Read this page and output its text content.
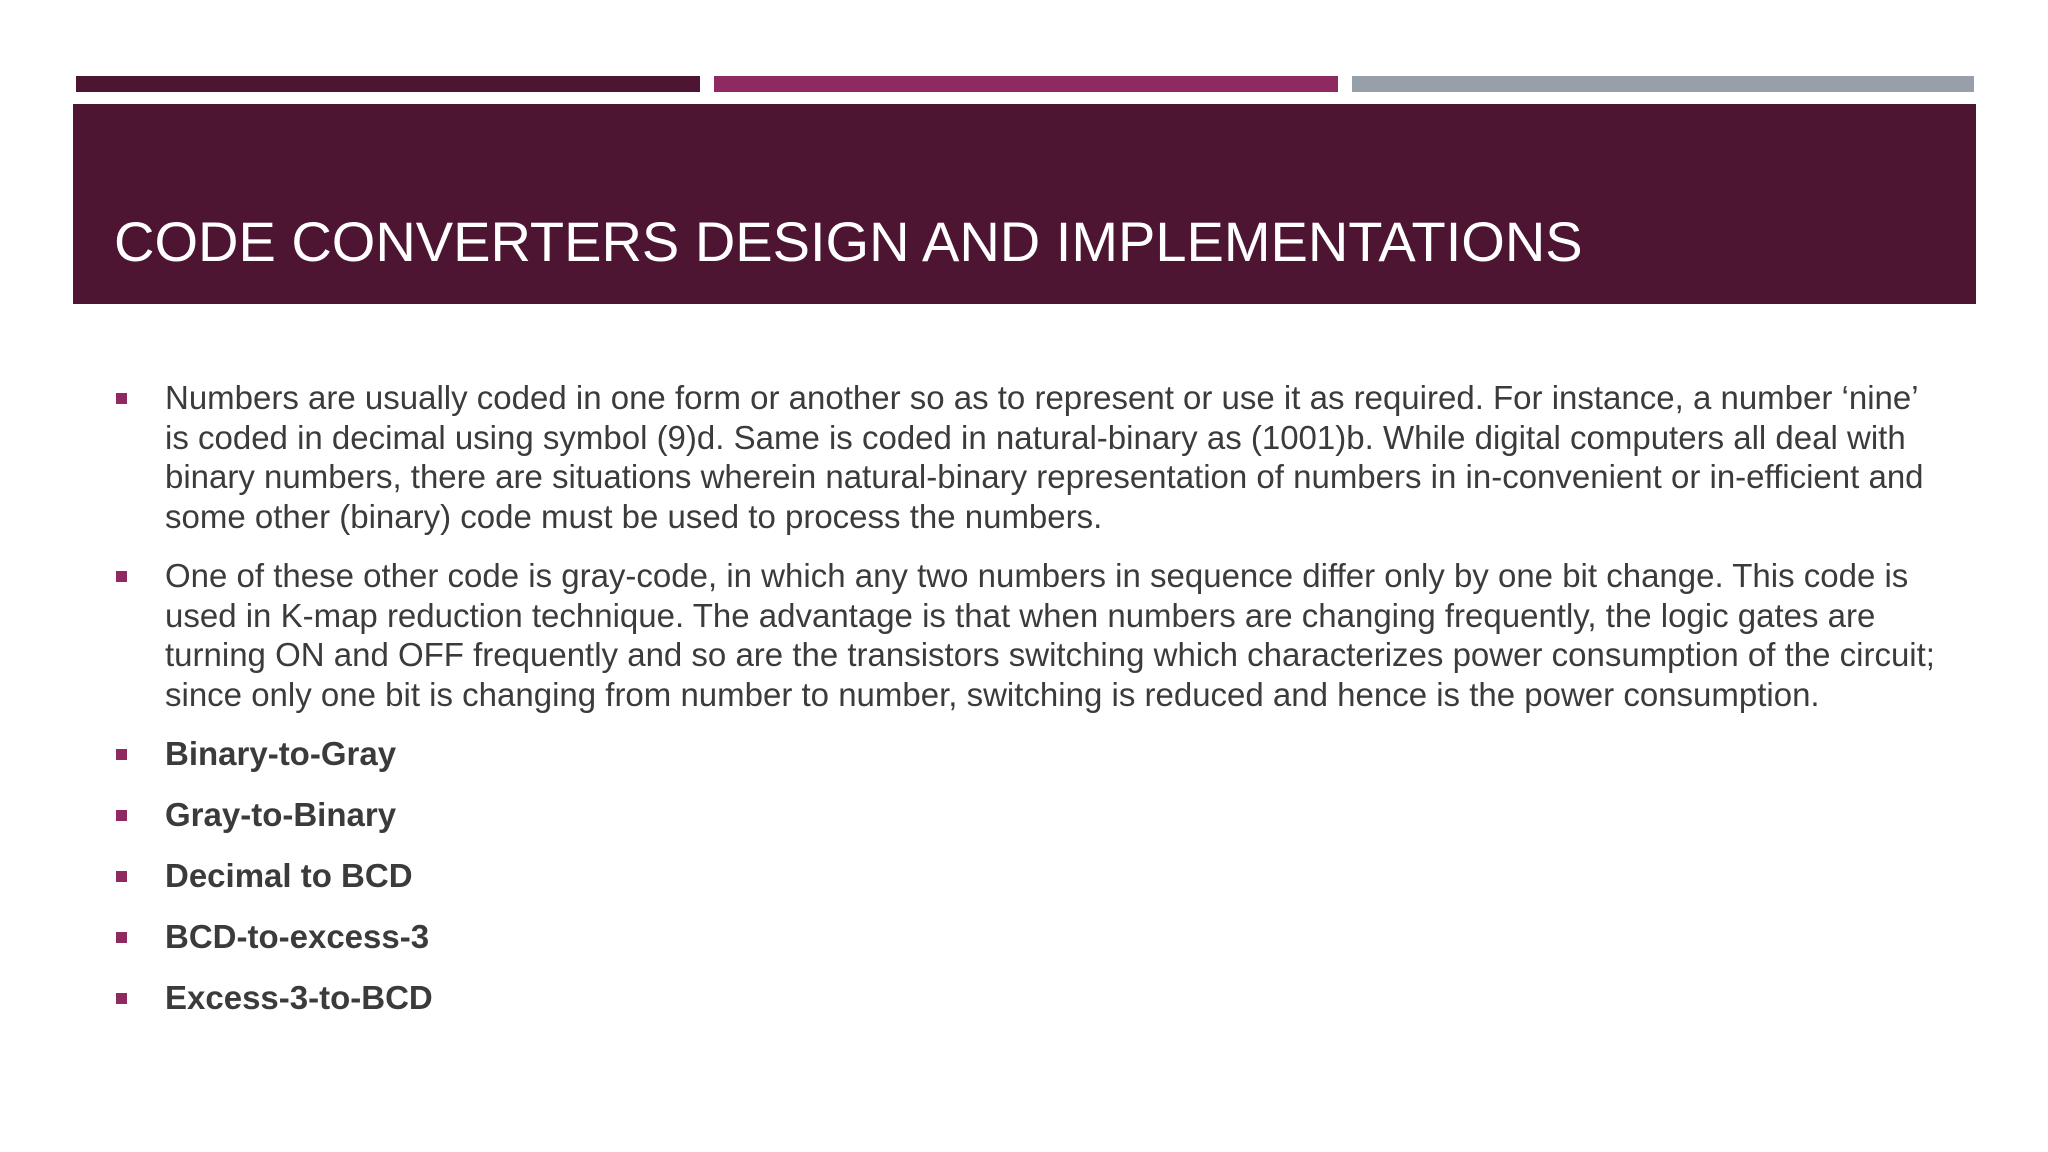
CODE CONVERTERS DESIGN AND IMPLEMENTATIONS
Numbers are usually coded in one form or another so as to represent or use it as required. For instance, a number ‘nine’ is coded in decimal using symbol (9)d. Same is coded in natural-binary as (1001)b. While digital computers all deal with binary numbers, there are situations wherein natural-binary representation of numbers in in-convenient or in-efficient and some other (binary) code must be used to process the numbers.
One of these other code is gray-code, in which any two numbers in sequence differ only by one bit change. This code is used in K-map reduction technique. The advantage is that when numbers are changing frequently, the logic gates are turning ON and OFF frequently and so are the transistors switching which characterizes power consumption of the circuit; since only one bit is changing from number to number, switching is reduced and hence is the power consumption.
Binary-to-Gray
Gray-to-Binary
Decimal to BCD
BCD-to-excess-3
Excess-3-to-BCD
